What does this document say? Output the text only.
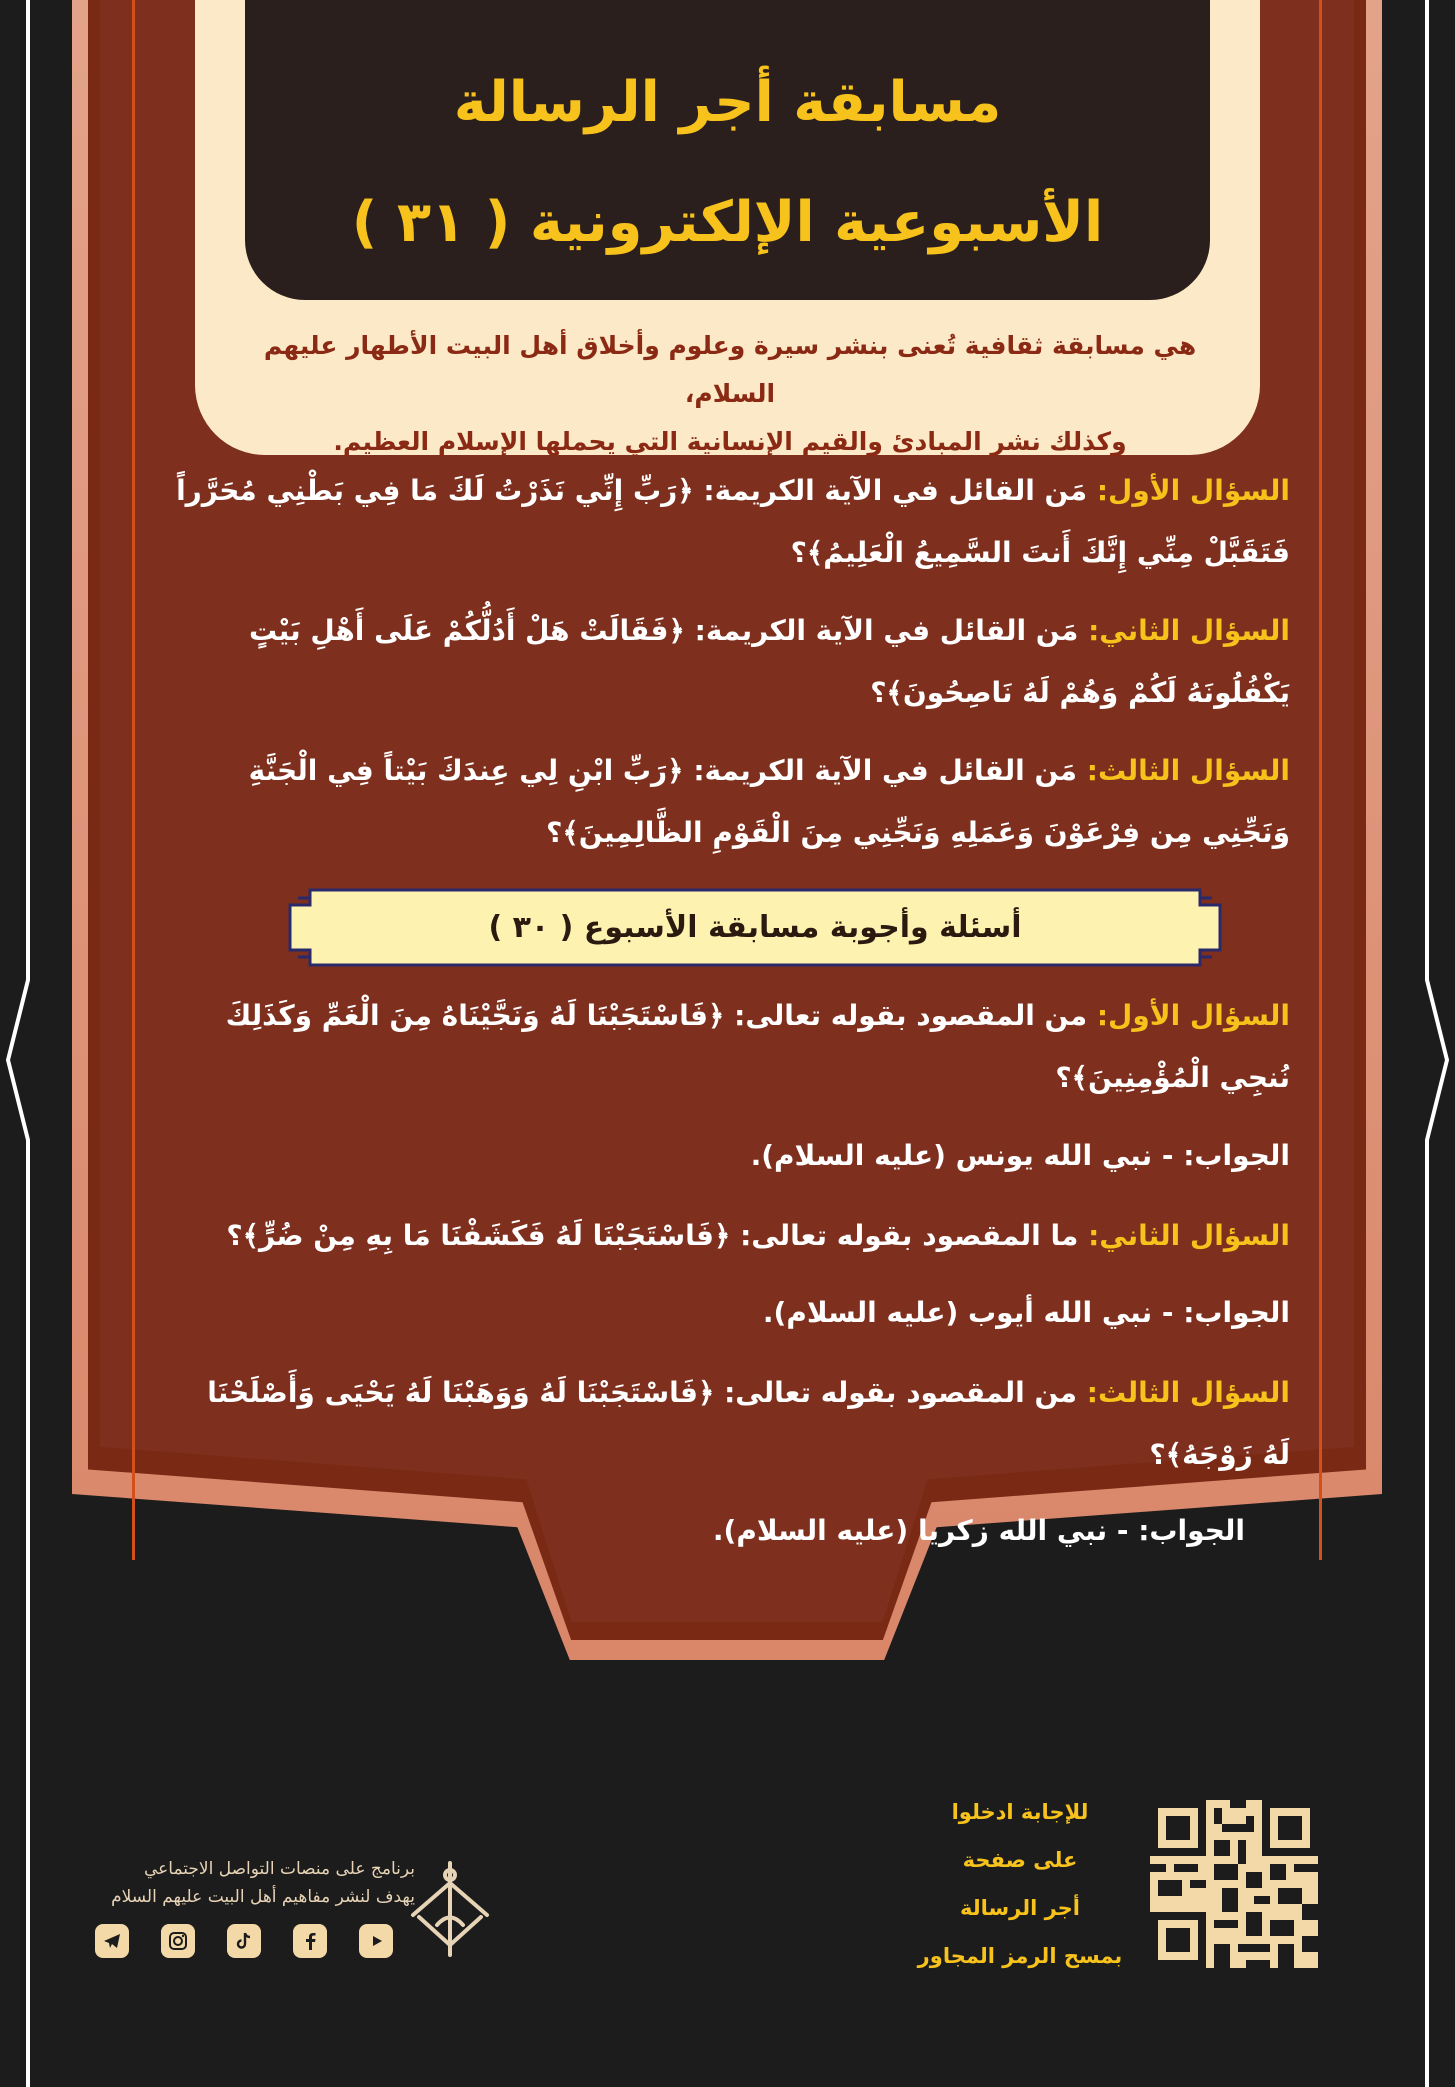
مسابقة أجر الرسالة
الأسبوعية الإلكترونية ( ٣١ )
هي مسابقة ثقافية تُعنى بنشر سيرة وعلوم وأخلاق أهل البيت الأطهار عليهم السلام،
وكذلك نشر المبادئ والقيم الإنسانية التي يحملها الإسلام العظيم.
السؤال الأول: مَن القائل في الآية الكريمة: ﴿رَبِّ إِنِّي نَذَرْتُ لَكَ مَا فِي بَطْنِي مُحَرَّراً فَتَقَبَّلْ مِنِّي إِنَّكَ أَنتَ السَّمِيعُ الْعَلِيمُ﴾؟
السؤال الثاني: مَن القائل في الآية الكريمة: ﴿فَقَالَتْ هَلْ أَدُلُّكُمْ عَلَى أَهْلِ بَيْتٍ يَكْفُلُونَهُ لَكُمْ وَهُمْ لَهُ نَاصِحُونَ﴾؟
السؤال الثالث: مَن القائل في الآية الكريمة: ﴿رَبِّ ابْنِ لِي عِندَكَ بَيْتاً فِي الْجَنَّةِ وَنَجِّنِي مِن فِرْعَوْنَ وَعَمَلِهِ وَنَجِّنِي مِنَ الْقَوْمِ الظَّالِمِينَ﴾؟
أسئلة وأجوبة مسابقة الأسبوع ( ٣٠ )
السؤال الأول: من المقصود بقوله تعالى: ﴿فَاسْتَجَبْنَا لَهُ وَنَجَّيْنَاهُ مِنَ الْغَمِّ وَكَذَلِكَ نُنجِي الْمُؤْمِنِينَ﴾؟
الجواب: - نبي الله يونس (عليه السلام).
السؤال الثاني: ما المقصود بقوله تعالى: ﴿فَاسْتَجَبْنَا لَهُ فَكَشَفْنَا مَا بِهِ مِنْ ضُرٍّ﴾؟
الجواب: - نبي الله أيوب (عليه السلام).
السؤال الثالث: من المقصود بقوله تعالى: ﴿فَاسْتَجَبْنَا لَهُ وَوَهَبْنَا لَهُ يَحْيَى وَأَصْلَحْنَا لَهُ زَوْجَهُ﴾؟
الجواب: - نبي الله زكريا (عليه السلام).
للإجابة ادخلوا
على صفحة
أجر الرسالة
بمسح الرمز المجاور
برنامج على منصات التواصل الاجتماعي
يهدف لنشر مفاهيم أهل البيت عليهم السلام
